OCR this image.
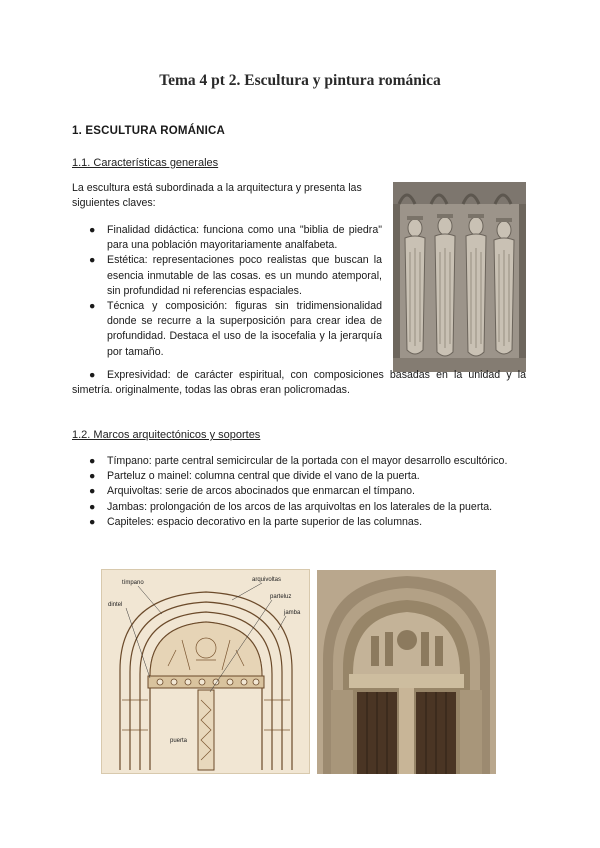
Tema 4 pt 2. Escultura y pintura románica
1. ESCULTURA ROMÁNICA
1.1. Características generales
La escultura está subordinada a la arquitectura y presenta las
siguientes claves:
● Finalidad didáctica: funciona como una "biblia de piedra" para una población mayoritariamente analfabeta.
● Estética: representaciones poco realistas que buscan la esencia inmutable de las cosas. es un mundo atemporal, sin profundidad ni referencias espaciales.
● Técnica y composición: figuras sin tridimensionalidad donde se recurre a la superposición para crear idea de profundidad. Destaca el uso de la isocefalia y la jerarquía por tamaño.
●	Expresividad: de carácter espiritual, con composiciones basadas en la unidad y la simetría. originalmente, todas las obras eran policromadas.
1.2. Marcos arquitectónicos y soportes
● Tímpano: parte central semicircular de la portada con el mayor desarrollo escultórico.
● Parteluz o mainel: columna central que divide el vano de la puerta.
● Arquivoltas: serie de arcos abocinados que enmarcan el tímpano.
● Jambas: prolongación de los arcos de las arquivoltas en los laterales de la puerta.
● Capiteles: espacio decorativo en la parte superior de las columnas.
tímpano	arquivoltas
dintel
parteluz
jamba
puerta
